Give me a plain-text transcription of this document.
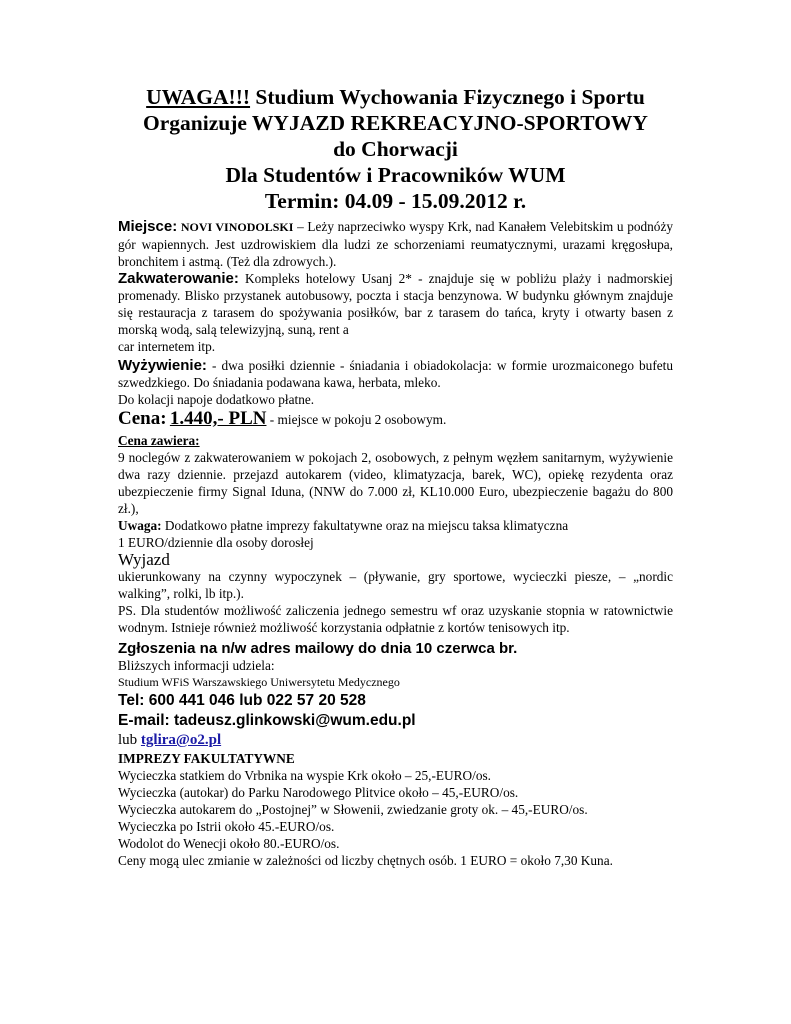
UWAGA!!! Studium Wychowania Fizycznego i Sportu
Organizuje WYJAZD REKREACYJNO-SPORTOWY
do Chorwacji
Dla Studentów i Pracowników WUM
Termin: 04.09 - 15.09.2012 r.
Miejsce: NOVI VINODOLSKI – Leży naprzeciwko wyspy Krk, nad Kanałem Velebitskim u podnóży gór wapiennych. Jest uzdrowiskiem dla ludzi ze schorzeniami reumatycznymi, urazami kręgosłupa, bronchitem i astmą. (Też dla zdrowych.).
Zakwaterowanie: Kompleks hotelowy Usanj 2* - znajduje się w pobliżu plaży i nadmorskiej promenady. Blisko przystanek autobusowy, poczta i stacja benzynowa. W budynku głównym znajduje się restauracja z tarasem do spożywania posiłków, bar z tarasem do tańca, kryty i otwarty basen z morską wodą, salą telewizyjną, suną, rent a
car internetem itp.
Wyżywienie: - dwa posiłki dziennie - śniadania i obiadokolacja: w formie urozmaiconego bufetu szwedzkiego. Do śniadania podawana kawa, herbata, mleko.
Do kolacji napoje dodatkowo płatne.
Cena: 1.440,- PLN - miejsce w pokoju 2 osobowym.
Cena zawiera:
9 noclegów z zakwaterowaniem w pokojach 2, osobowych, z pełnym węzłem sanitarnym, wyżywienie dwa razy dziennie. przejazd autokarem (video, klimatyzacja, barek, WC), opiekę rezydenta oraz ubezpieczenie firmy Signal Iduna, (NNW do 7.000 zł, KL10.000 Euro, ubezpieczenie bagażu do 800 zł.),
Uwaga: Dodatkowo płatne imprezy fakultatywne oraz na miejscu taksa klimatyczna
1 EURO/dziennie dla osoby dorosłej
Wyjazd
ukierunkowany na czynny wypoczynek – (pływanie, gry sportowe, wycieczki piesze, – „nordic walking”, rolki, lb itp.).
PS. Dla studentów możliwość zaliczenia jednego semestru wf oraz uzyskanie stopnia w ratownictwie wodnym. Istnieje również możliwość korzystania odpłatnie z kortów tenisowych itp.
Zgłoszenia na n/w adres mailowy do dnia 10 czerwca br.
Bliższych informacji udziela:
Studium WFiS Warszawskiego Uniwersytetu Medycznego
Tel: 600 441 046 lub 022 57 20 528
E-mail: tadeusz.glinkowski@wum.edu.pl
lub tglira@o2.pl
IMPREZY FAKULTATYWNE
Wycieczka statkiem do Vrbnika na wyspie Krk około – 25,-EURO/os.
Wycieczka (autokar) do Parku Narodowego Plitvice około – 45,-EURO/os.
Wycieczka autokarem do „Postojnej” w Słowenii, zwiedzanie groty ok. – 45,-EURO/os.
Wycieczka po Istrii około 45.-EURO/os.
Wodolot do Wenecji około 80.-EURO/os.
Ceny mogą ulec zmianie w zależności od liczby chętnych osób. 1 EURO = około 7,30 Kuna.
